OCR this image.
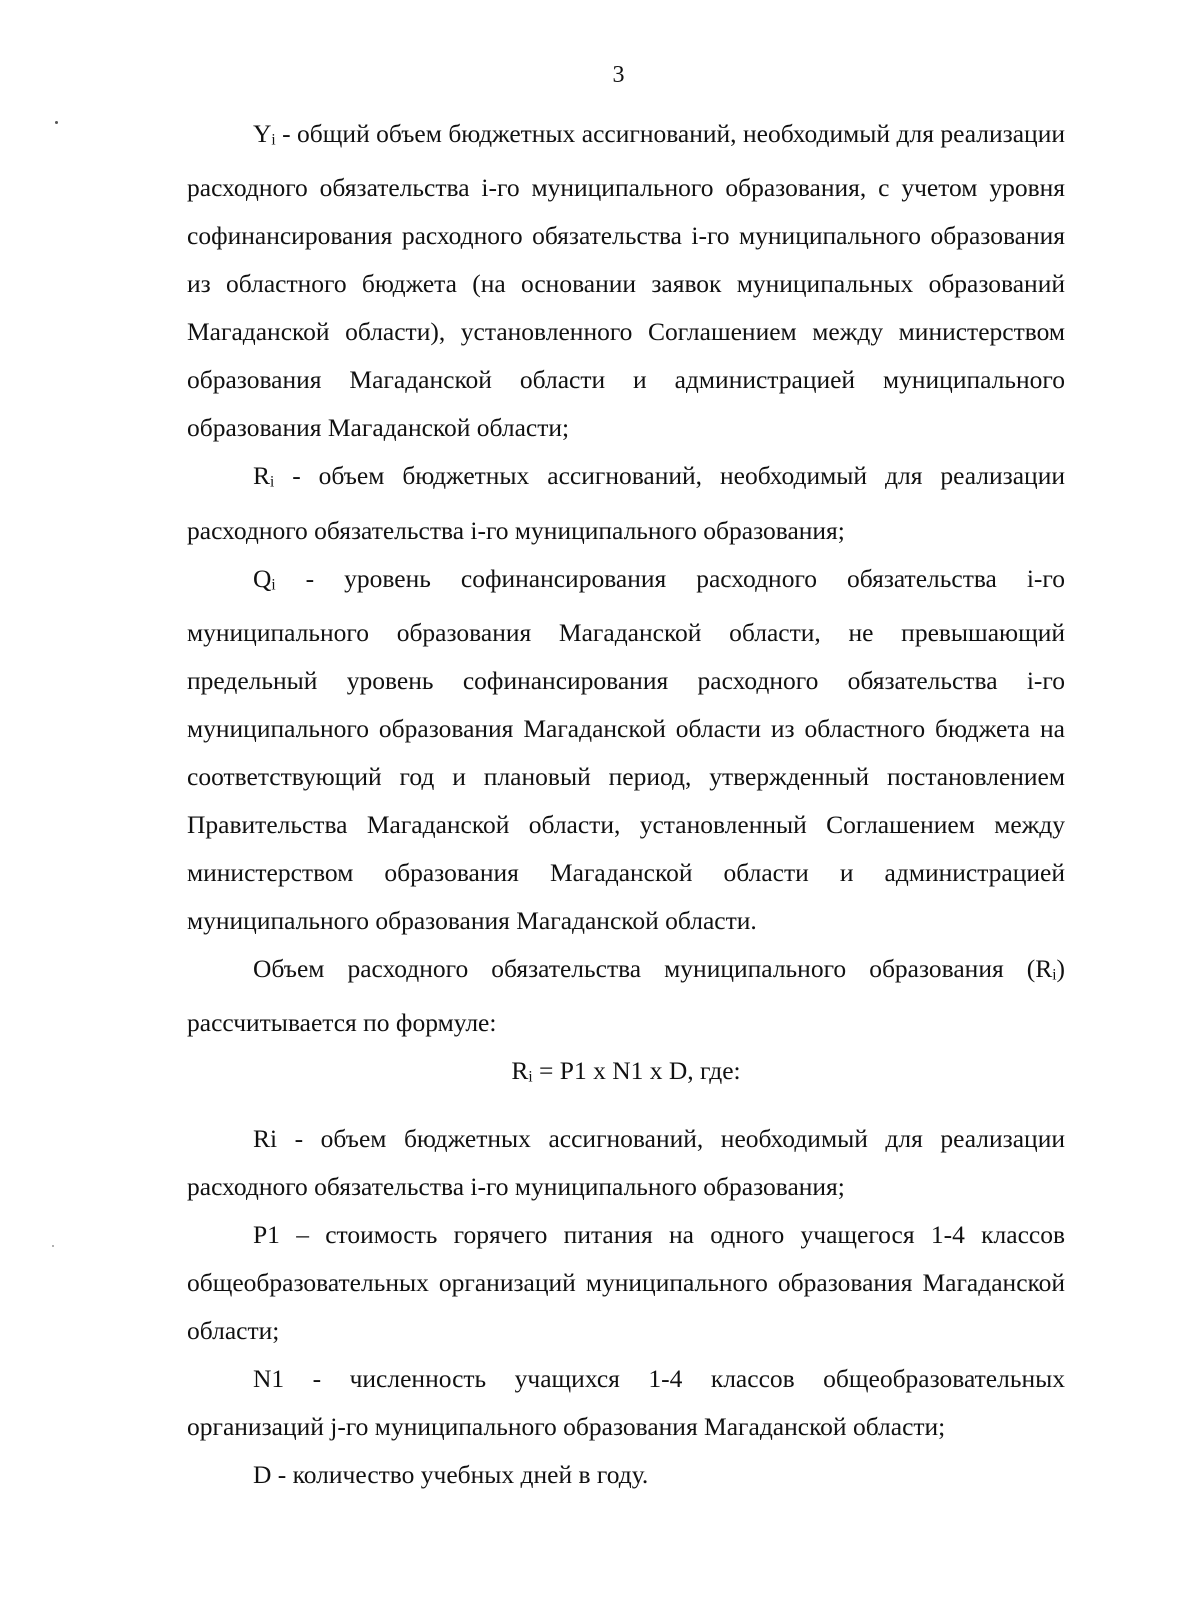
3

$Y_i$ - общий объем бюджетных ассигнований, необходимый для реализации расходного обязательства i-го муниципального образования, с учетом уровня софинансирования расходного обязательства i-го муниципального образования из областного бюджета (на основании заявок муниципальных образований Магаданской области), установленного Соглашением между министерством образования Магаданской области и администрацией муниципального образования Магаданской области;

$R_i$ - объем бюджетных ассигнований, необходимый для реализации расходного обязательства i-го муниципального образования;

$Q_i$ - уровень софинансирования расходного обязательства i-го муниципального образования Магаданской области, не превышающий предельный уровень софинансирования расходного обязательства i-го муниципального образования Магаданской области из областного бюджета на соответствующий год и плановый период, утвержденный постановлением Правительства Магаданской области, установленный Соглашением между министерством образования Магаданской области и администрацией муниципального образования Магаданской области.

Объем расходного обязательства муниципального образования $(R_i)$ рассчитывается по формуле:

$R_i = P1$ x N1 x D, где:

Ri - объем бюджетных ассигнований, необходимый для реализации расходного обязательства i-го муниципального образования;

P1 – стоимость горячего питания на одного учащегося 1-4 классов общеобразовательных организаций муниципального образования Магаданской области;

N1 - численность учащихся 1-4 классов общеобразовательных организаций j-го муниципального образования Магаданской области;

D - количество учебных дней в году.
